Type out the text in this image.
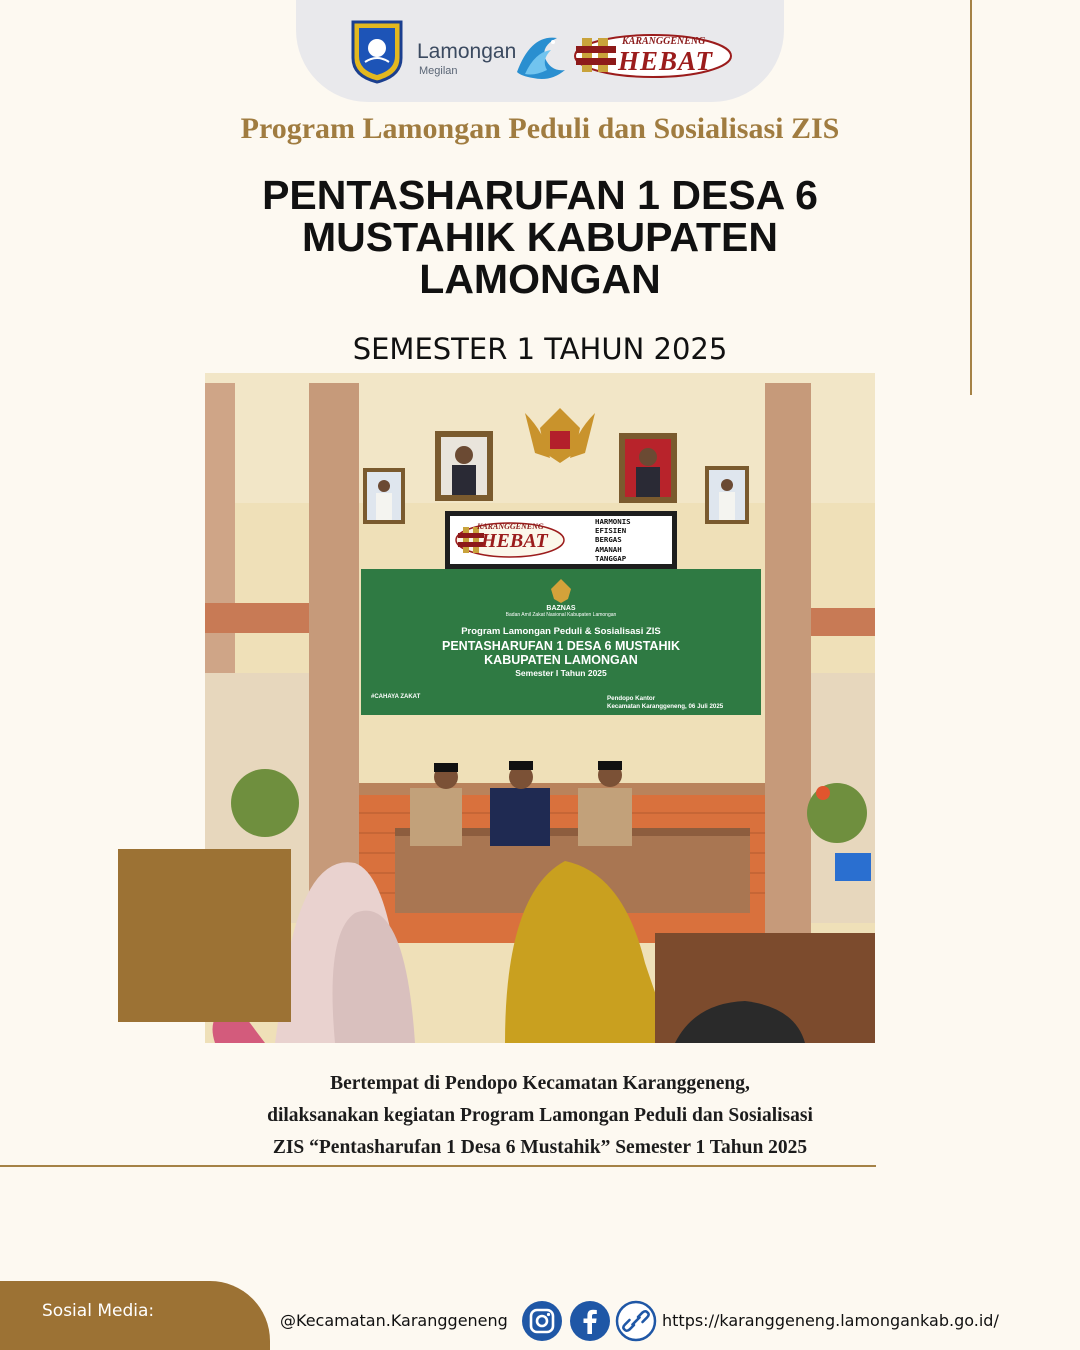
Lamongan
Megilan
KARANGGENENG
HEBAT
Program Lamongan Peduli dan Sosialisasi ZIS
PENTASHARUFAN 1 DESA 6
MUSTAHIK KABUPATEN
LAMONGAN
SEMESTER 1 TAHUN 2025
KARANGGENENG
HEBAT
HARMONIS
EFISIEN
BERGAS
AMANAH
TANGGAP
BAZNAS
Badan Amil Zakat Nasional Kabupaten Lamongan
Program Lamongan Peduli & Sosialisasi ZIS
PENTASHARUFAN 1 DESA 6 MUSTAHIK
KABUPATEN LAMONGAN
Semester I Tahun 2025
#CAHAYA ZAKAT	Pendopo Kantor
Kecamatan Karanggeneng, 06 Juli 2025
Bertempat di Pendopo Kecamatan Karanggeneng,
dilaksanakan kegiatan Program Lamongan Peduli dan Sosialisasi
ZIS “Pentasharufan 1 Desa 6 Mustahik” Semester 1 Tahun 2025
Sosial Media:	@Kecamatan.Karanggeneng	https://karanggeneng.lamongankab.go.id/
